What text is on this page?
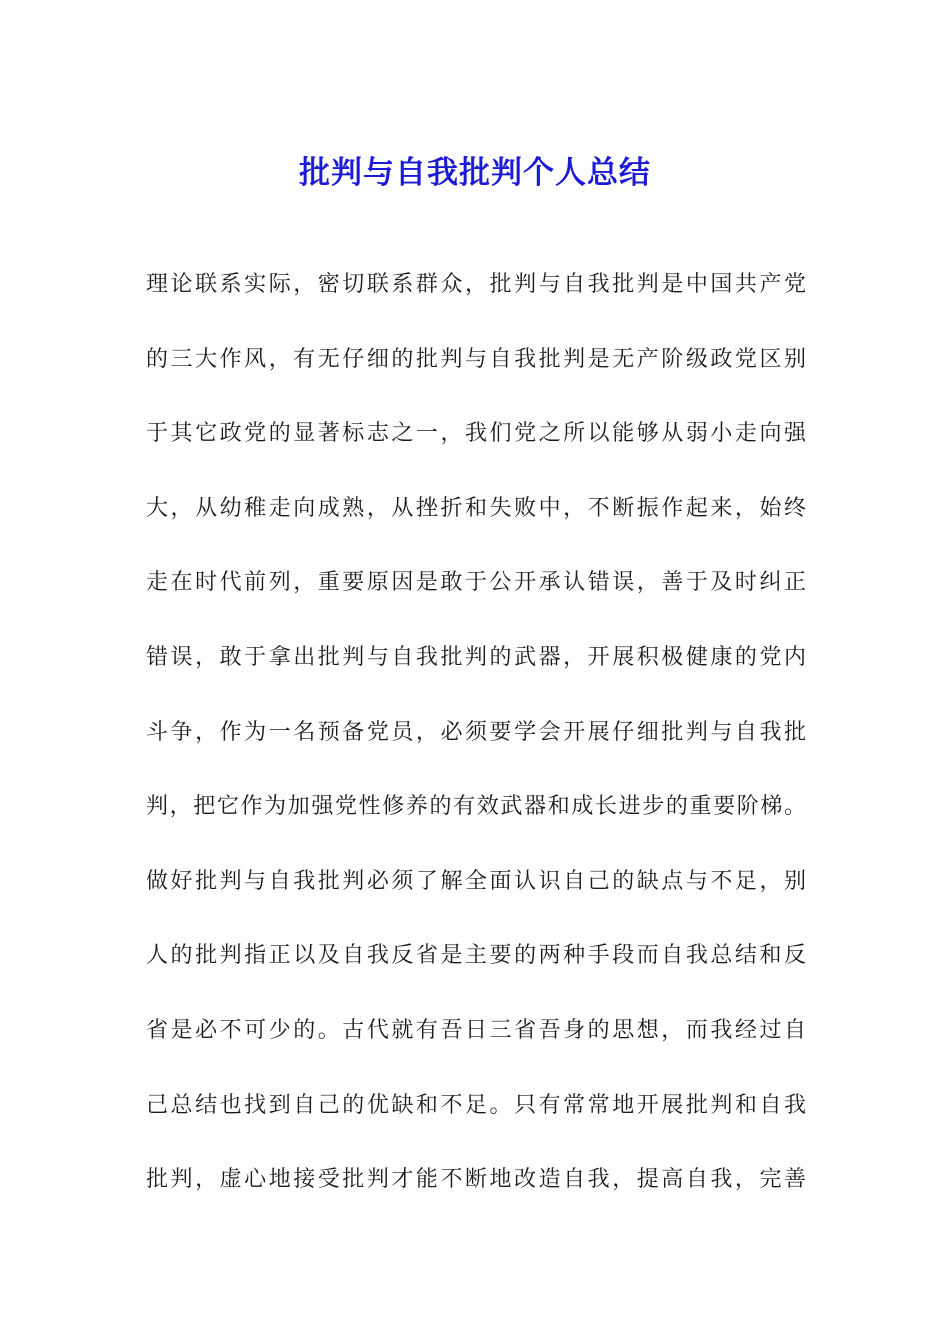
批判与自我批判个人总结
理论联系实际，密切联系群众，批判与自我批判是中国共产党
的三大作风，有无仔细的批判与自我批判是无产阶级政党区别
于其它政党的显著标志之一，我们党之所以能够从弱小走向强
大，从幼稚走向成熟，从挫折和失败中，不断振作起来，始终
走在时代前列，重要原因是敢于公开承认错误，善于及时纠正
错误，敢于拿出批判与自我批判的武器，开展积极健康的党内
斗争，作为一名预备党员，必须要学会开展仔细批判与自我批
判，把它作为加强党性修养的有效武器和成长进步的重要阶梯。
做好批判与自我批判必须了解全面认识自己的缺点与不足，别
人的批判指正以及自我反省是主要的两种手段而自我总结和反
省是必不可少的。古代就有吾日三省吾身的思想，而我经过自
己总结也找到自己的优缺和不足。只有常常地开展批判和自我
批判，虚心地接受批判才能不断地改造自我，提高自我，完善
